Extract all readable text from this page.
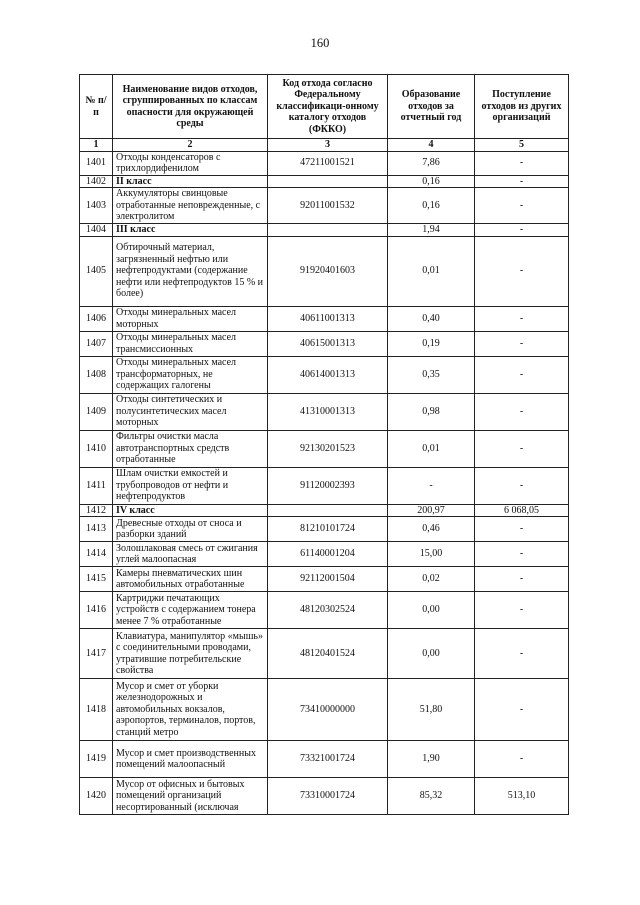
160
№ п/п	Наименование видов отходов, сгруппированных по классам опасности для окружающей среды	Код отхода согласно Федеральному классификаци-онному каталогу отходов (ФККО)	Образование отходов за отчетный год	Поступление отходов из других организаций
1	2	3	4	5
1401	Отходы конденсаторов с трихлордифенилом	47211001521	7,86	-
1402	II класс		0,16	-
1403	Аккумуляторы свинцовые отработанные неповрежденные, с электролитом	92011001532	0,16	-
1404	III класс		1,94	-
1405	Обтирочный материал, загрязненный нефтью или нефтепродуктами (содержание нефти или нефтепродуктов 15 % и более)	91920401603	0,01	-
1406	Отходы минеральных масел моторных	40611001313	0,40	-
1407	Отходы минеральных масел трансмиссионных	40615001313	0,19	-
1408	Отходы минеральных масел трансформаторных, не содержащих галогены	40614001313	0,35	-
1409	Отходы синтетических и полусинтетических масел моторных	41310001313	0,98	-
1410	Фильтры очистки масла автотранспортных средств отработанные	92130201523	0,01	-
1411	Шлам очистки емкостей и трубопроводов от нефти и нефтепродуктов	91120002393	-	-
1412	IV класс		200,97	6 068,05
1413	Древесные отходы от сноса и разборки зданий	81210101724	0,46	-
1414	Золошлаковая смесь от сжигания углей малоопасная	61140001204	15,00	-
1415	Камеры пневматических шин автомобильных отработанные	92112001504	0,02	-
1416	Картриджи печатающих устройств с содержанием тонера менее 7 % отработанные	48120302524	0,00	-
1417	Клавиатура, манипулятор «мышь» с соединительными проводами, утратившие потребительские свойства	48120401524	0,00	-
1418	Мусор и смет от уборки железнодорожных и автомобильных вокзалов, аэропортов, терминалов, портов, станций метро	73410000000	51,80	-
1419	Мусор и смет производственных помещений малоопасный	73321001724	1,90	-
1420	Мусор от офисных и бытовых помещений организаций несортированный (исключая	73310001724	85,32	513,10
